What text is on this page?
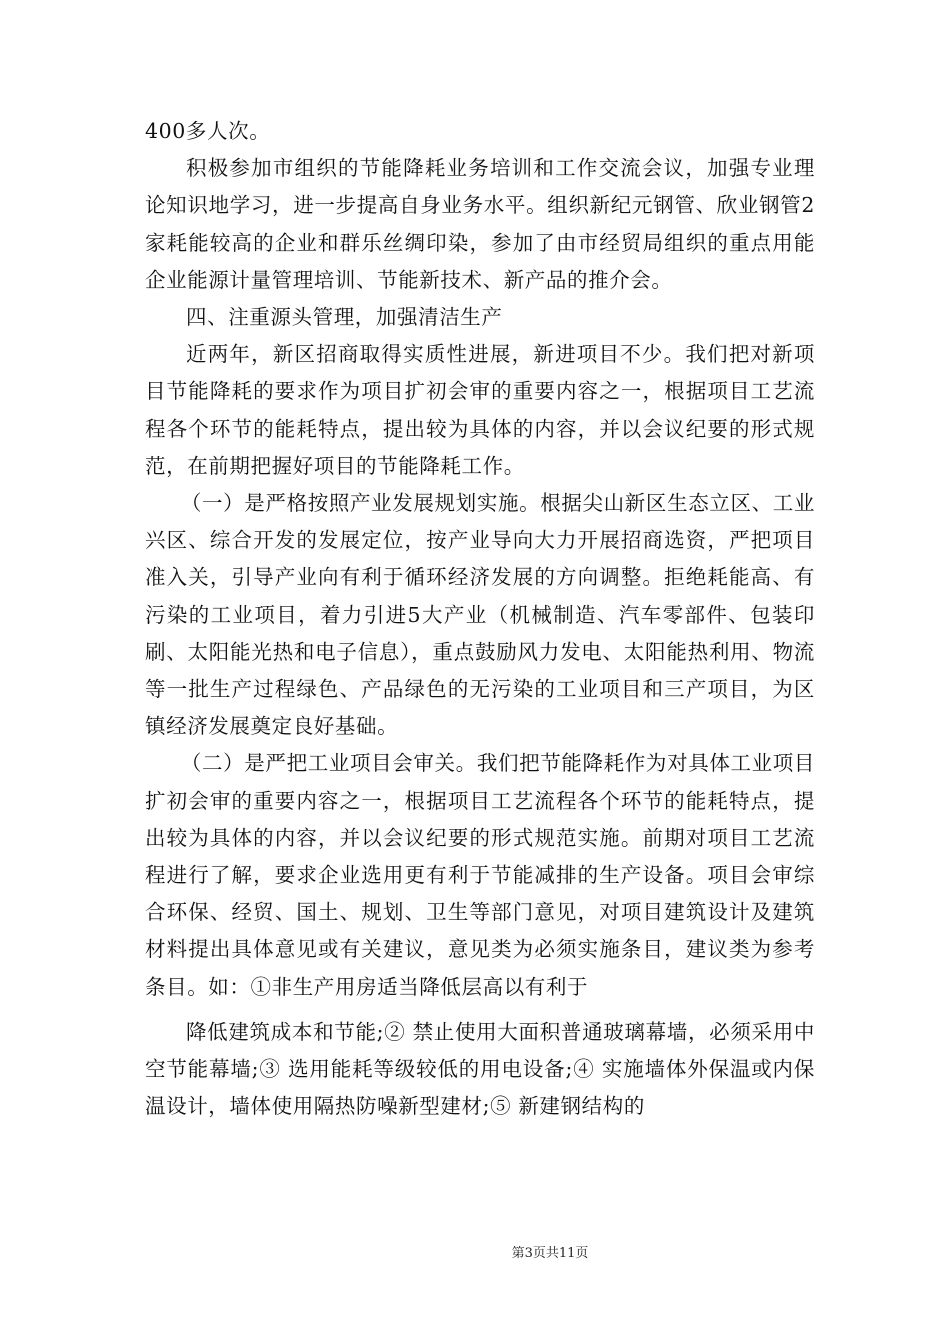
400多人次。

积极参加市组织的节能降耗业务培训和工作交流会议，加强专业理论知识地学习，进一步提高自身业务水平。组织新纪元钢管、欣业钢管2家耗能较高的企业和群乐丝绸印染，参加了由市经贸局组织的重点用能企业能源计量管理培训、节能新技术、新产品的推介会。

四、注重源头管理，加强清洁生产

近两年，新区招商取得实质性进展，新进项目不少。我们把对新项目节能降耗的要求作为项目扩初会审的重要内容之一，根据项目工艺流程各个环节的能耗特点，提出较为具体的内容，并以会议纪要的形式规范，在前期把握好项目的节能降耗工作。

（一）是严格按照产业发展规划实施。根据尖山新区生态立区、工业兴区、综合开发的发展定位，按产业导向大力开展招商选资，严把项目准入关，引导产业向有利于循环经济发展的方向调整。拒绝耗能高、有污染的工业项目，着力引进5大产业（机械制造、汽车零部件、包装印刷、太阳能光热和电子信息），重点鼓励风力发电、太阳能热利用、物流等一批生产过程绿色、产品绿色的无污染的工业项目和三产项目，为区镇经济发展奠定良好基础。

（二）是严把工业项目会审关。我们把节能降耗作为对具体工业项目扩初会审的重要内容之一，根据项目工艺流程各个环节的能耗特点，提出较为具体的内容，并以会议纪要的形式规范实施。前期对项目工艺流程进行了解，要求企业选用更有利于节能减排的生产设备。项目会审综合环保、经贸、国土、规划、卫生等部门意见，对项目建筑设计及建筑材料提出具体意见或有关建议，意见类为必须实施条目，建议类为参考条目。如：①非生产用房适当降低层高以有利于

降低建筑成本和节能;② 禁止使用大面积普通玻璃幕墙，必须采用中空节能幕墙;③ 选用能耗等级较低的用电设备;④ 实施墙体外保温或内保温设计，墙体使用隔热防噪新型建材;⑤ 新建钢结构的

第3页共11页
